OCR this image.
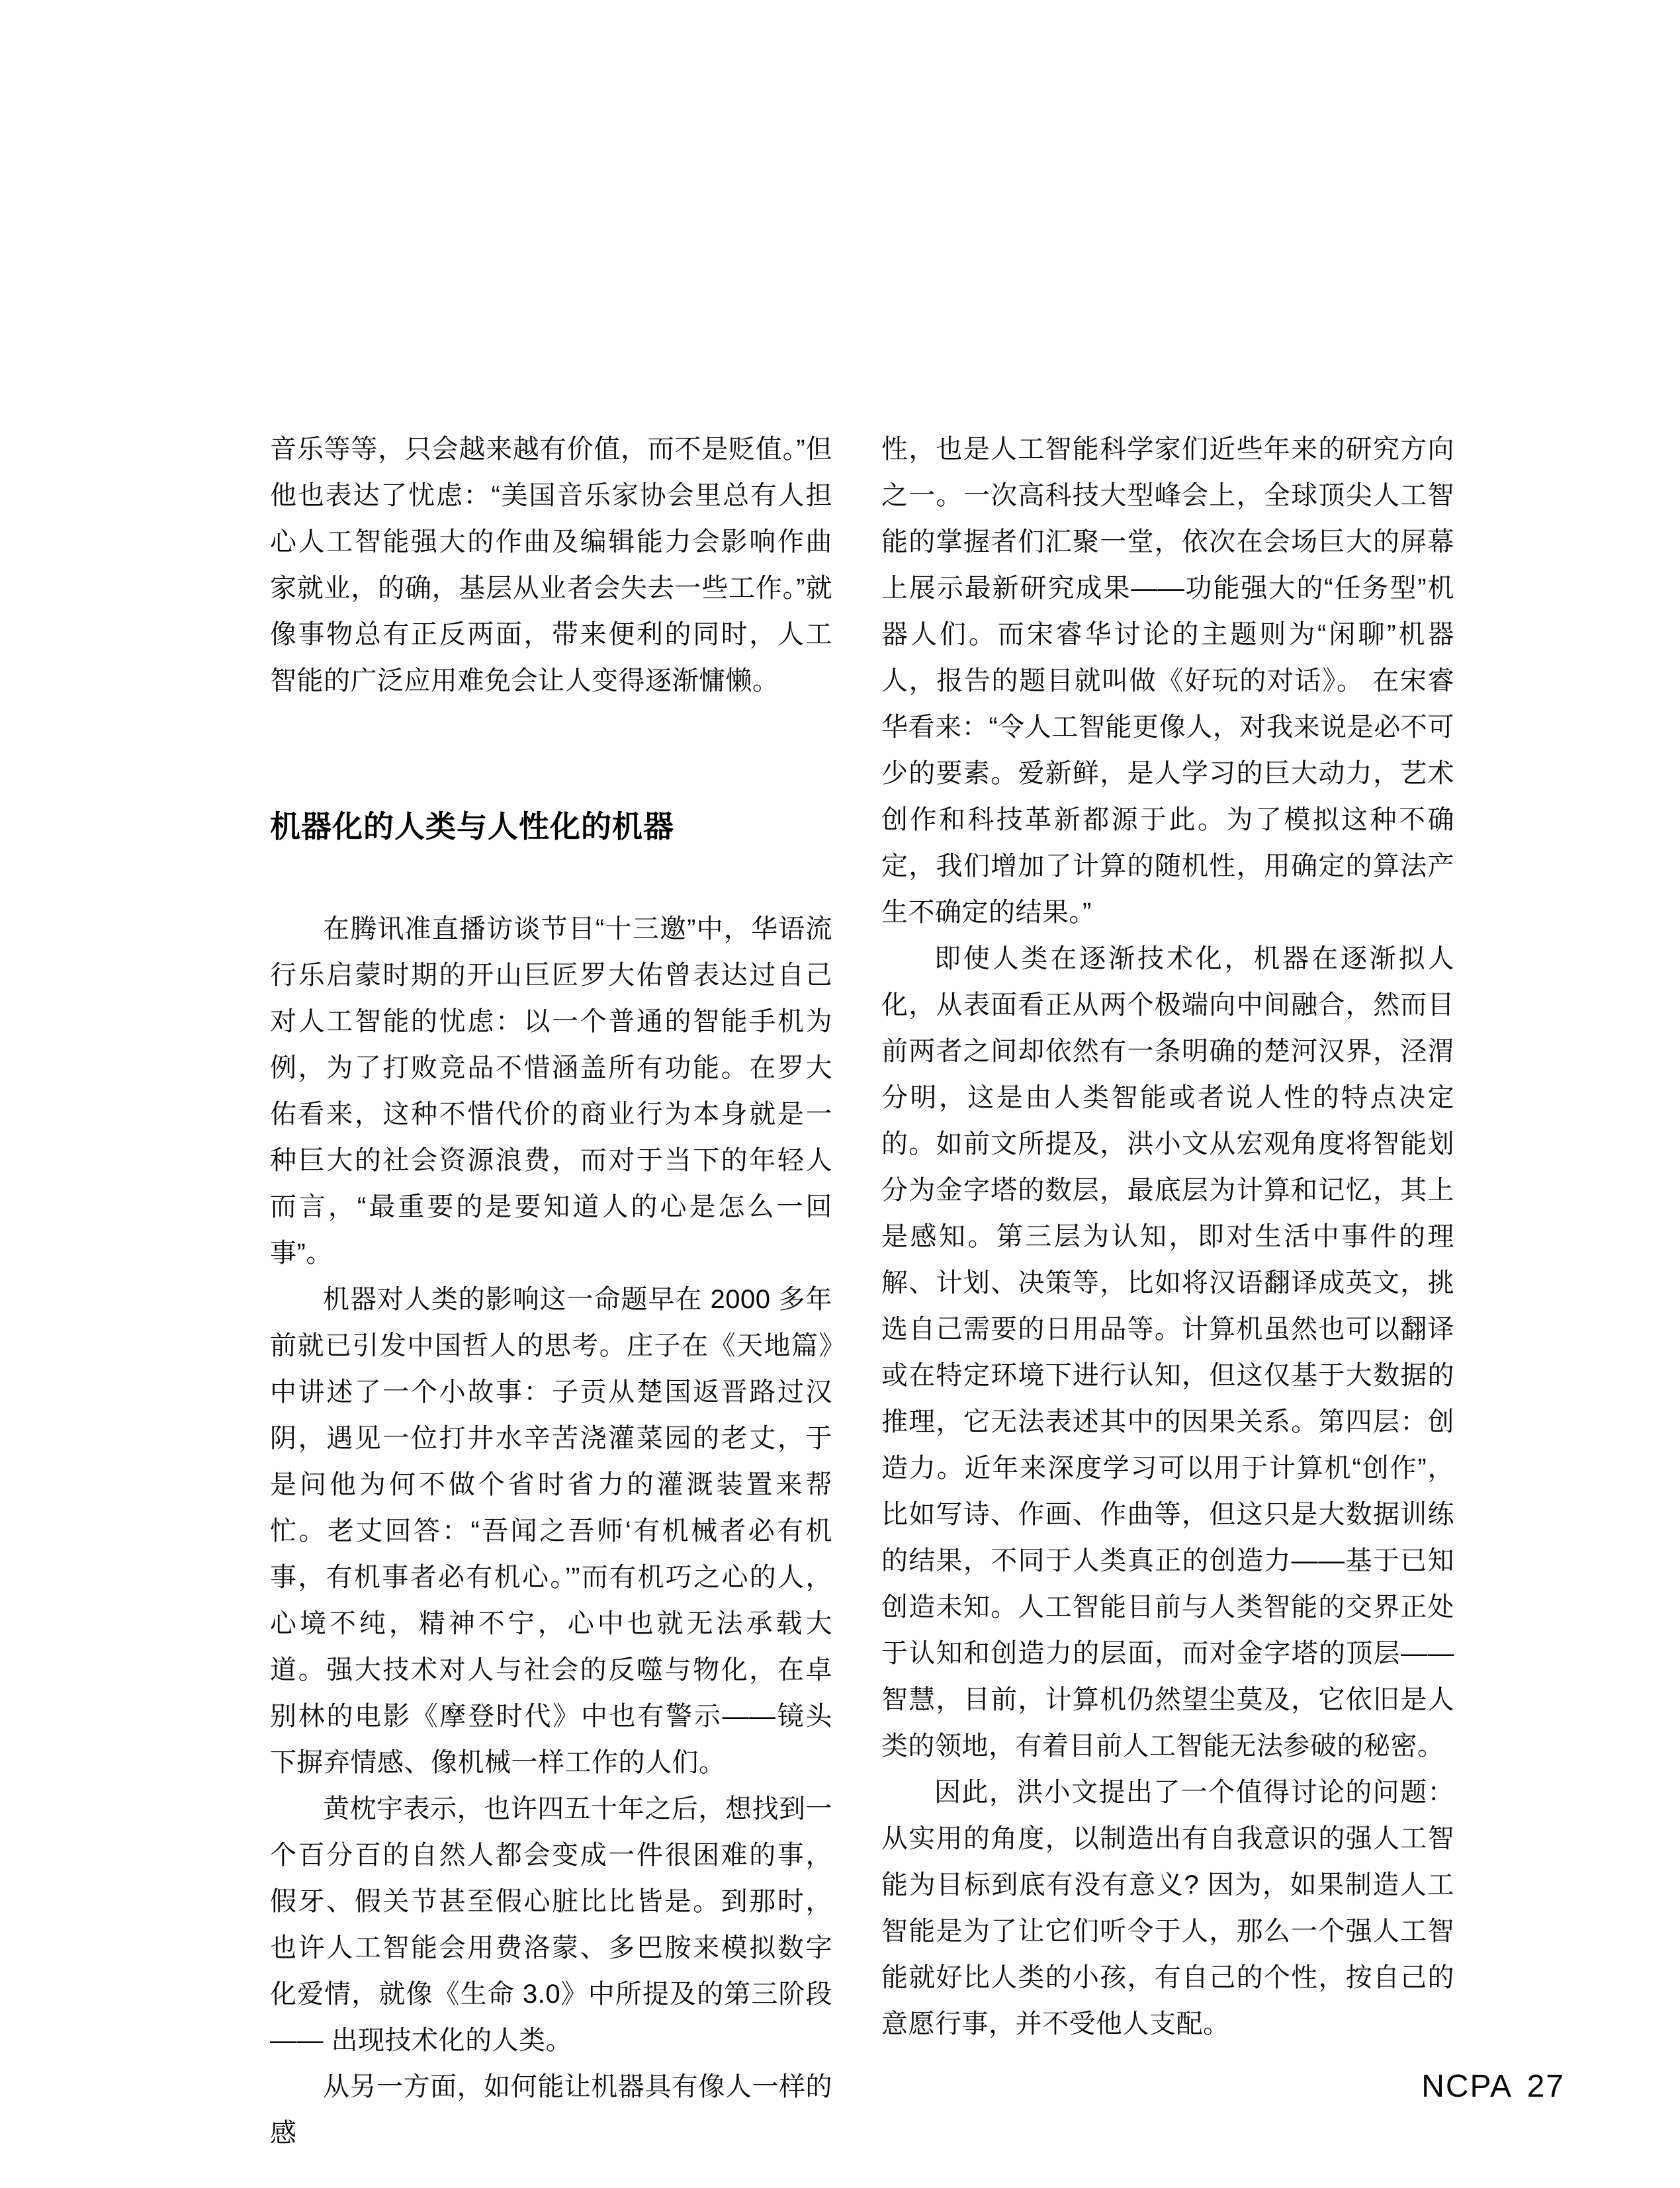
音乐等等，只会越来越有价值，而不是贬值。”但他也表达了忧虑：“美国音乐家协会里总有人担心人工智能强大的作曲及编辑能力会影响作曲家就业，的确，基层从业者会失去一些工作。”就像事物总有正反两面，带来便利的同时，人工智能的广泛应用难免会让人变得逐渐慵懒。

机器化的人类与人性化的机器

在腾讯准直播访谈节目“十三邀”中，华语流行乐启蒙时期的开山巨匠罗大佑曾表达过自己对人工智能的忧虑：以一个普通的智能手机为例，为了打败竞品不惜涵盖所有功能。在罗大佑看来，这种不惜代价的商业行为本身就是一种巨大的社会资源浪费，而对于当下的年轻人而言，“最重要的是要知道人的心是怎么一回事”。

机器对人类的影响这一命题早在 2000 多年前就已引发中国哲人的思考。庄子在《天地篇》中讲述了一个小故事：子贡从楚国返晋路过汉阴，遇见一位打井水辛苦浇灌菜园的老丈，于是问他为何不做个省时省力的灌溉装置来帮忙。老丈回答：“吾闻之吾师‘有机械者必有机事，有机事者必有机心。’”而有机巧之心的人，心境不纯，精神不宁，心中也就无法承载大道。强大技术对人与社会的反噬与物化，在卓别林的电影《摩登时代》中也有警示——镜头下摒弃情感、像机械一样工作的人们。

黄枕宇表示，也许四五十年之后，想找到一个百分百的自然人都会变成一件很困难的事，假牙、假关节甚至假心脏比比皆是。到那时，也许人工智能会用费洛蒙、多巴胺来模拟数字化爱情，就像《生命 3.0》中所提及的第三阶段 —— 出现技术化的人类。

从另一方面，如何能让机器具有像人一样的感

性，也是人工智能科学家们近些年来的研究方向之一。一次高科技大型峰会上，全球顶尖人工智能的掌握者们汇聚一堂，依次在会场巨大的屏幕上展示最新研究成果——功能强大的“任务型”机器人们。而宋睿华讨论的主题则为“闲聊”机器人，报告的题目就叫做《好玩的对话》。 在宋睿华看来：“令人工智能更像人，对我来说是必不可少的要素。爱新鲜，是人学习的巨大动力，艺术创作和科技革新都源于此。为了模拟这种不确定，我们增加了计算的随机性，用确定的算法产生不确定的结果。”

即使人类在逐渐技术化，机器在逐渐拟人化，从表面看正从两个极端向中间融合，然而目前两者之间却依然有一条明确的楚河汉界，泾渭分明，这是由人类智能或者说人性的特点决定的。如前文所提及，洪小文从宏观角度将智能划分为金字塔的数层，最底层为计算和记忆，其上是感知。第三层为认知，即对生活中事件的理解、计划、决策等，比如将汉语翻译成英文，挑选自己需要的日用品等。计算机虽然也可以翻译或在特定环境下进行认知，但这仅基于大数据的推理，它无法表述其中的因果关系。第四层：创造力。近年来深度学习可以用于计算机“创作”，比如写诗、作画、作曲等，但这只是大数据训练的结果，不同于人类真正的创造力——基于已知创造未知。人工智能目前与人类智能的交界正处于认知和创造力的层面，而对金字塔的顶层——智慧，目前，计算机仍然望尘莫及，它依旧是人类的领地，有着目前人工智能无法参破的秘密。

因此，洪小文提出了一个值得讨论的问题：从实用的角度，以制造出有自我意识的强人工智能为目标到底有没有意义? 因为，如果制造人工智能是为了让它们听令于人，那么一个强人工智能就好比人类的小孩，有自己的个性，按自己的意愿行事，并不受他人支配。

NCPA 27
